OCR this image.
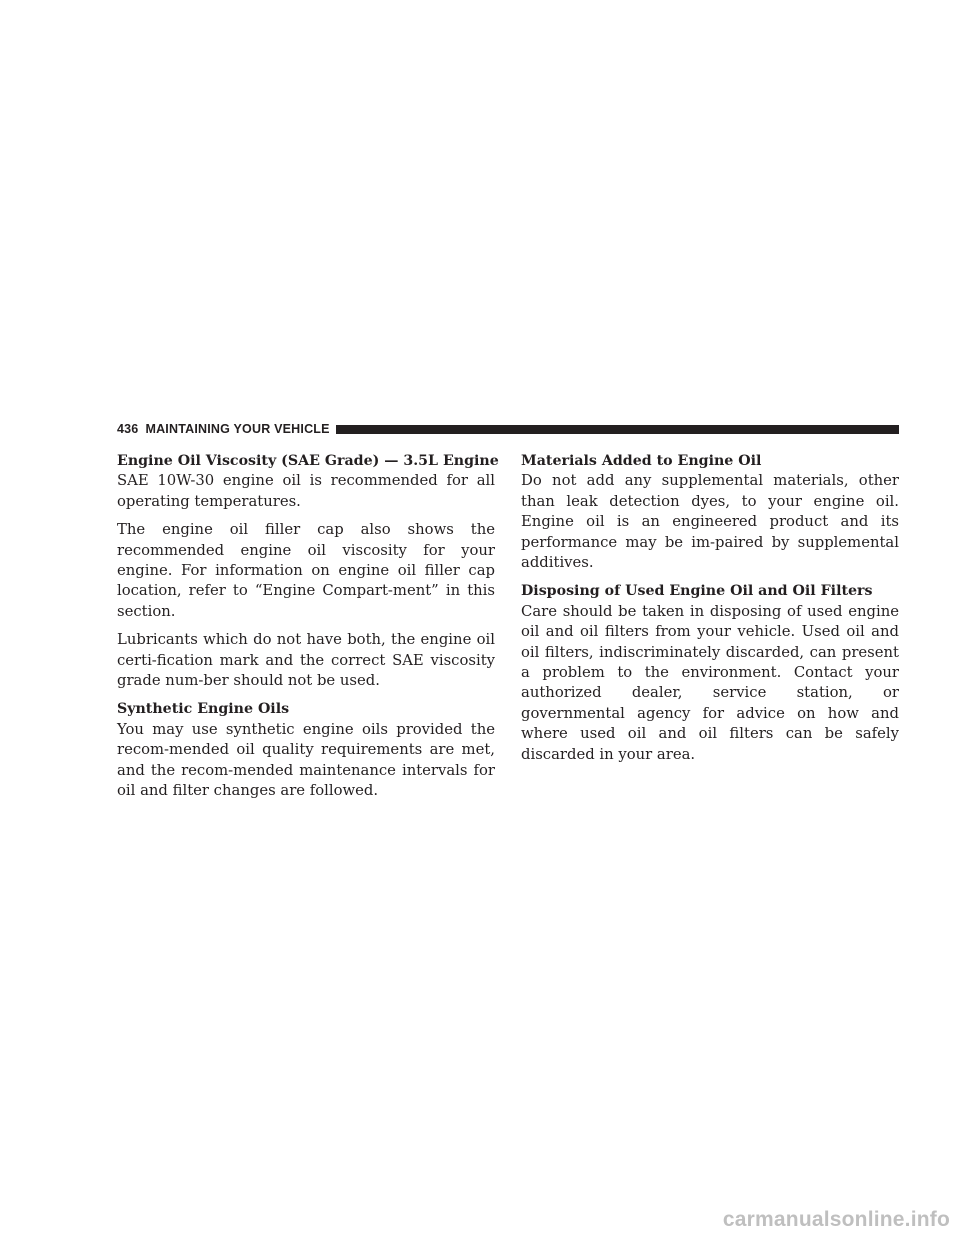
436 MAINTAINING YOUR VEHICLE
Engine Oil Viscosity (SAE Grade) — 3.5L Engine

SAE 10W-30 engine oil is recommended for all operating temperatures.

The engine oil filler cap also shows the recommended engine oil viscosity for your engine. For information on engine oil filler cap location, refer to “Engine Compart-ment” in this section.

Lubricants which do not have both, the engine oil certi-fication mark and the correct SAE viscosity grade num-ber should not be used.

Synthetic Engine Oils

You may use synthetic engine oils provided the recom-mended oil quality requirements are met, and the recom-mended maintenance intervals for oil and filter changes are followed.

Materials Added to Engine Oil

Do not add any supplemental materials, other than leak detection dyes, to your engine oil. Engine oil is an engineered product and its performance may be im-paired by supplemental additives.

Disposing of Used Engine Oil and Oil Filters

Care should be taken in disposing of used engine oil and oil filters from your vehicle. Used oil and oil filters, indiscriminately discarded, can present a problem to the environment. Contact your authorized dealer, service station, or governmental agency for advice on how and where used oil and oil filters can be safely discarded in your area.

carmanualsonline.info
